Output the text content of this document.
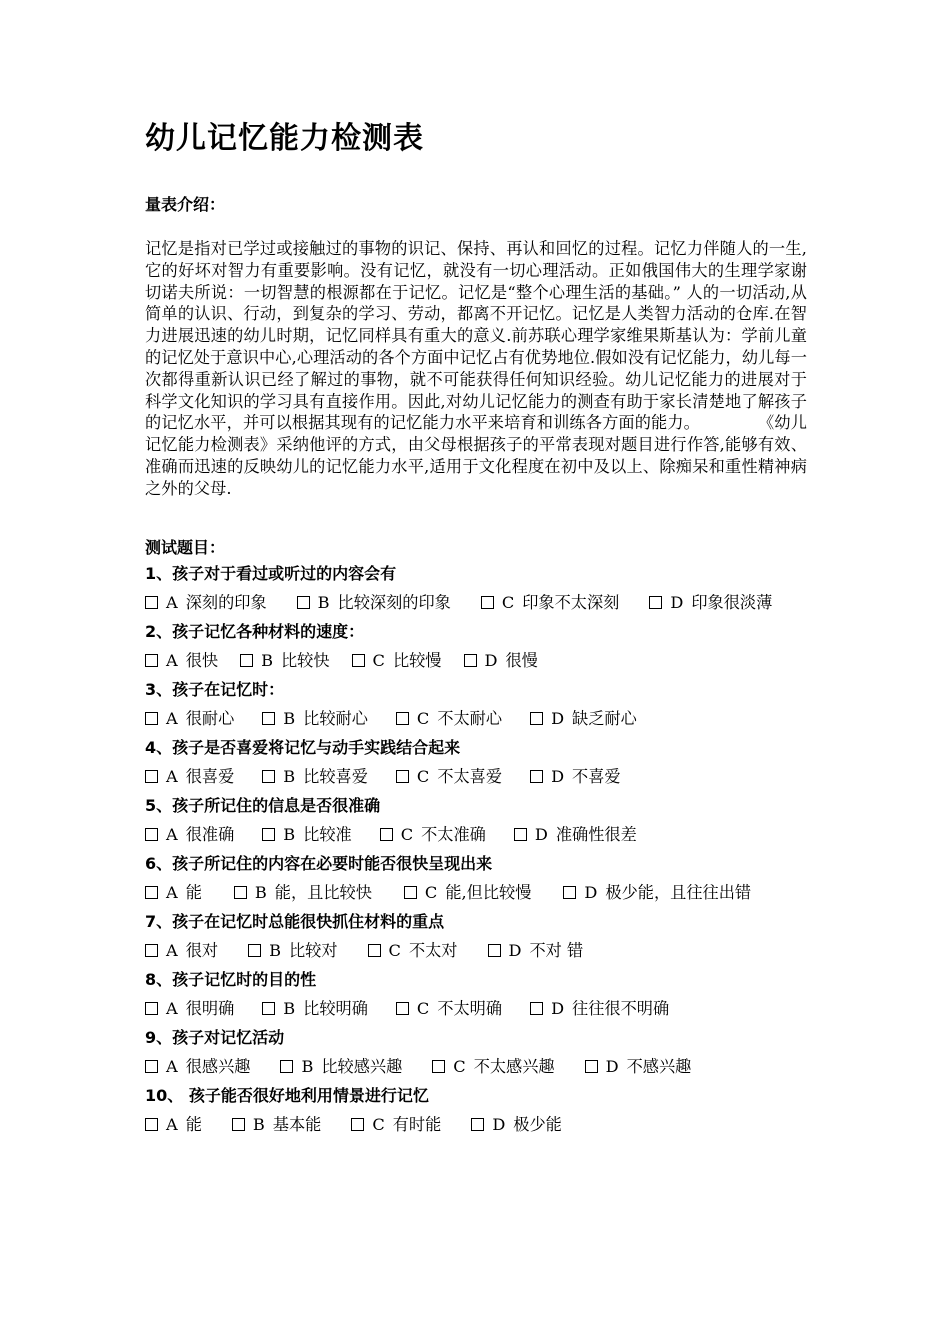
幼儿记忆能力检测表
量表介绍：

记忆是指对已学过或接触过的事物的识记、保持、再认和回忆的过程。记忆力伴随人的一生,它的好坏对智力有重要影响。没有记忆，就没有一切心理活动。正如俄国伟大的生理学家谢切诺夫所说：一切智慧的根源都在于记忆。记忆是“整个心理生活的基础。” 人的一切活动,从简单的认识、行动，到复杂的学习、劳动，都离不开记忆。记忆是人类智力活动的仓库.在智力进展迅速的幼儿时期，记忆同样具有重大的意义.前苏联心理学家维果斯基认为：学前儿童的记忆处于意识中心,心理活动的各个方面中记忆占有优势地位.假如没有记忆能力，幼儿每一次都得重新认识已经了解过的事物，就不可能获得任何知识经验。幼儿记忆能力的进展对于科学文化知识的学习具有直接作用。因此,对幼儿记忆能力的测查有助于家长清楚地了解孩子的记忆水平，并可以根据其现有的记忆能力水平来培育和训练各方面的能力。	《幼儿记忆能力检测表》采纳他评的方式，由父母根据孩子的平常表现对题目进行作答,能够有效、准确而迅速的反映幼儿的记忆能力水平,适用于文化程度在初中及以上、除痴呆和重性精神病之外的父母.

测试题目：
1、孩子对于看过或听过的内容会有
A 深刻的印象	B 比较深刻的印象	C 印象不太深刻	D 印象很淡薄
2、孩子记忆各种材料的速度：
A 很快	B 比较快	C 比较慢	D 很慢
3、孩子在记忆时：
A 很耐心	B 比较耐心	C 不太耐心	D 缺乏耐心
4、孩子是否喜爱将记忆与动手实践结合起来
A 很喜爱	B 比较喜爱	C 不太喜爱	D 不喜爱
5、孩子所记住的信息是否很准确
A 很准确	B 比较准	C 不太准确	D 准确性很差
6、孩子所记住的内容在必要时能否很快呈现出来
A 能	B 能，且比较快	C 能,但比较慢	D 极少能，且往往出错
7、孩子在记忆时总能很快抓住材料的重点
A 很对	B 比较对	C 不太对	D 不对 错
8、孩子记忆时的目的性
A 很明确	B 比较明确	C 不太明确	D 往往很不明确
9、孩子对记忆活动
A 很感兴趣	B 比较感兴趣	C 不太感兴趣	D 不感兴趣
10、 孩子能否很好地利用情景进行记忆
A 能	B 基本能	C 有时能	D 极少能
